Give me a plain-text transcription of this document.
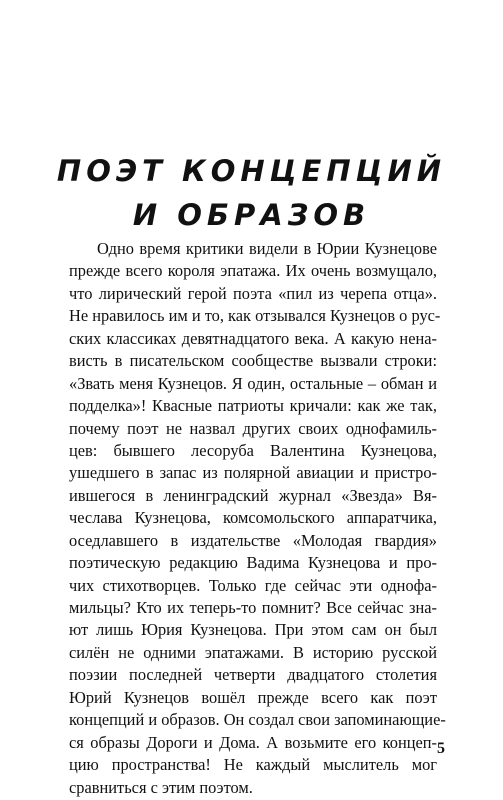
ПОЭТ КОНЦЕПЦИЙ
И ОБРАЗОВ
Одно время критики видели в Юрии Кузнецове
прежде всего короля эпатажа. Их очень возмущало,
что лирический герой поэта «пил из черепа отца».
Не нравилось им и то, как отзывался Кузнецов о рус-
ских классиках девятнадцатого века. А какую нена-
висть в писательском сообществе вызвали строки:
«Звать меня Кузнецов. Я один, остальные – обман и
подделка»! Квасные патриоты кричали: как же так,
почему поэт не назвал других своих однофамиль-
цев: бывшего лесоруба Валентина Кузнецова,
ушедшего в запас из полярной авиации и пристро-
ившегося в ленинградский журнал «Звезда» Вя-
чеслава Кузнецова, комсомольского аппаратчика,
оседлавшего в издательстве «Молодая гвардия»
поэтическую редакцию Вадима Кузнецова и про-
чих стихотворцев. Только где сейчас эти однофа-
мильцы? Кто их теперь-то помнит? Все сейчас зна-
ют лишь Юрия Кузнецова. При этом сам он был
силён не одними эпатажами. В историю русской
поэзии последней четверти двадцатого столетия
Юрий Кузнецов вошёл прежде всего как поэт
концепций и образов. Он создал свои запоминающие-
ся образы Дороги и Дома. А возьмите его концеп-
цию пространства! Не каждый мыслитель мог
сравниться с этим поэтом.
5
